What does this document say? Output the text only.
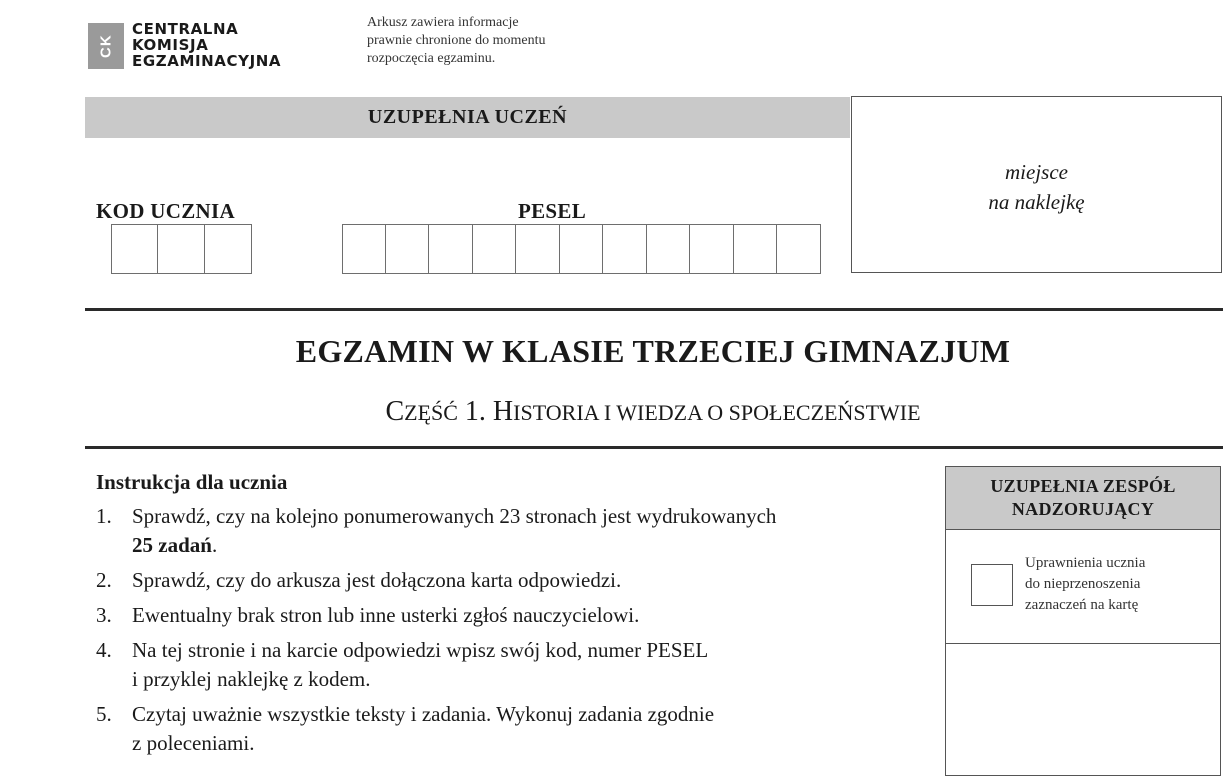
CK
CENTRALNA
KOMISJA
EGZAMINACYJNA
Arkusz zawiera informacje
prawnie chronione do momentu
rozpoczęcia egzaminu.
UZUPEŁNIA UCZEŃ
KOD UCZNIA	PESEL
miejsce
na naklejkę
EGZAMIN W KLASIE TRZECIEJ GIMNAZJUM
CZĘŚĆ 1. HISTORIA I WIEDZA O SPOŁECZEŃSTWIE
Instrukcja dla ucznia
1. Sprawdź, czy na kolejno ponumerowanych 23 stronach jest wydrukowanych
25 zadań.
2. Sprawdź, czy do arkusza jest dołączona karta odpowiedzi.
3. Ewentualny brak stron lub inne usterki zgłoś nauczycielowi.
4. Na tej stronie i na karcie odpowiedzi wpisz swój kod, numer PESEL
i przyklej naklejkę z kodem.
5. Czytaj uważnie wszystkie teksty i zadania. Wykonuj zadania zgodnie
z poleceniami.
UZUPEŁNIA ZESPÓŁ
NADZORUJĄCY
Uprawnienia ucznia
do nieprzenoszenia
zaznaczeń na kartę
